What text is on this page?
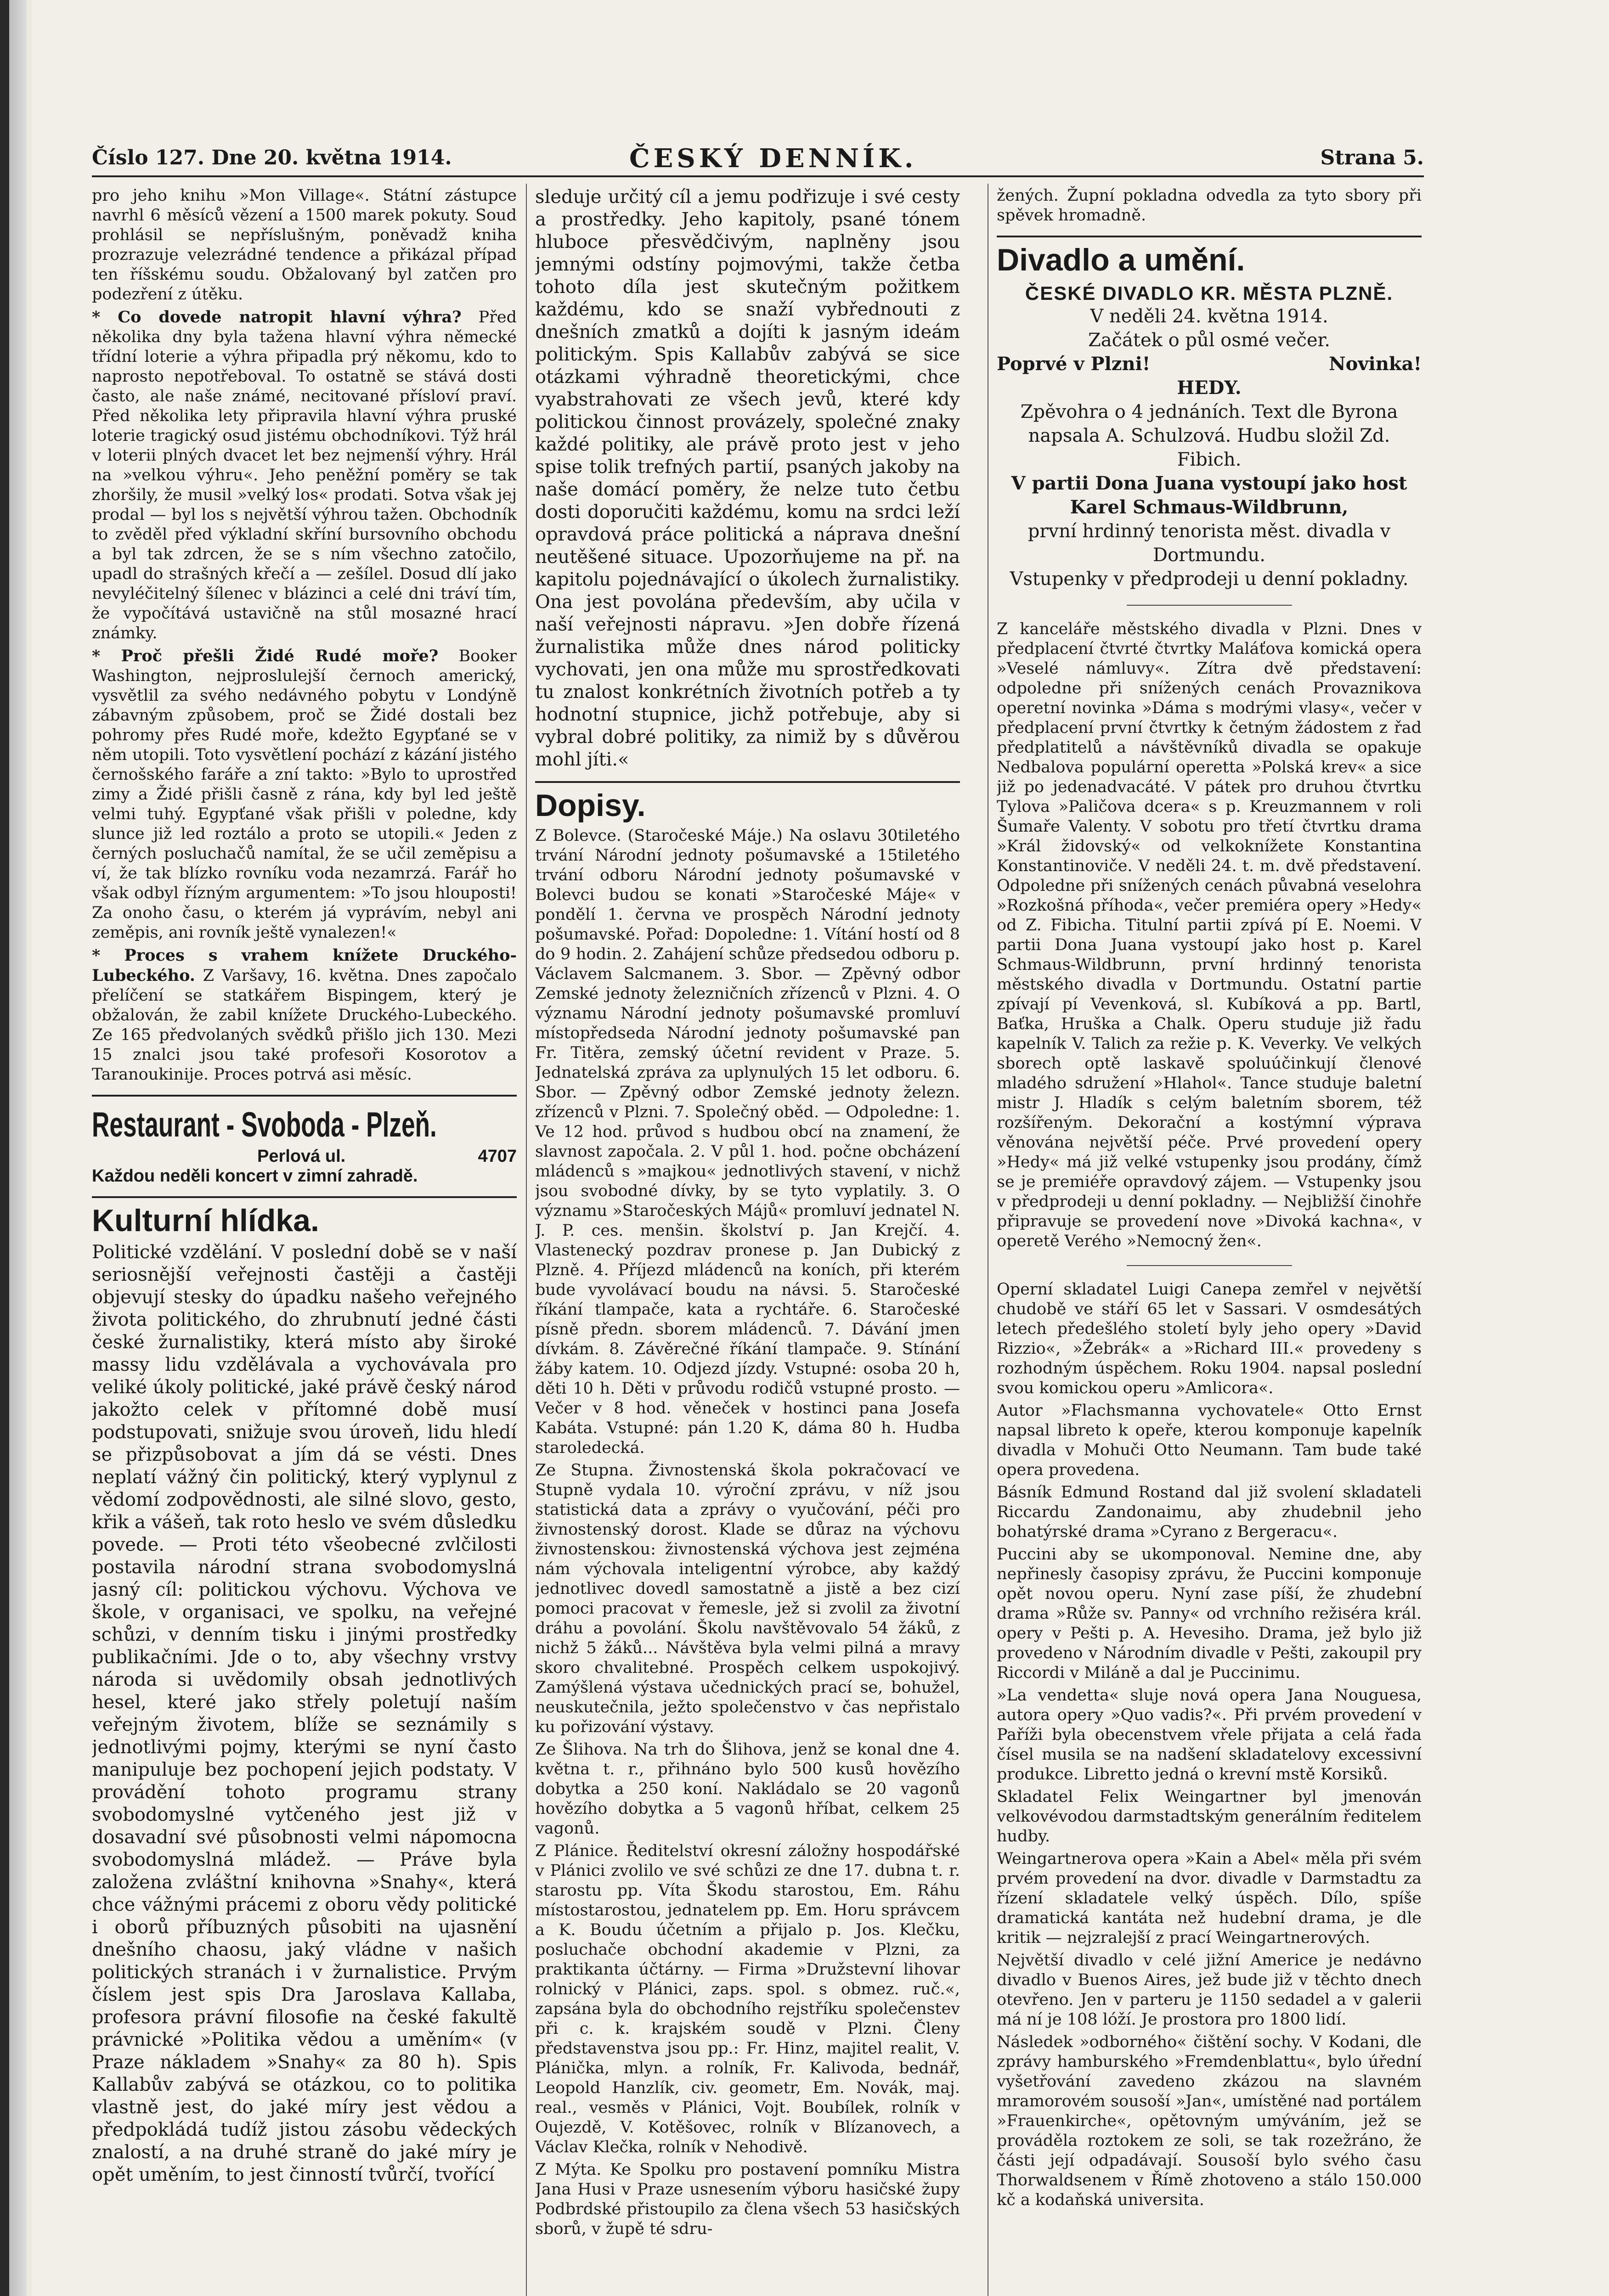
Číslo 127. Dne 20. května 1914.	ČESKÝ DENNÍK.	Strana 5.

pro jeho knihu »Mon Village«. Státní zástupce navrhl 6 měsíců vězení a 1500 marek pokuty. Soud prohlásil se nepříslušným, poněvadž kniha prozrazuje velezrádné tendence a přikázal případ ten říšskému soudu. Obžalovaný byl zatčen pro podezření z útěku.

* Co dovede natropit hlavní výhra? Před několika dny byla tažena hlavní výhra německé třídní loterie a výhra připadla prý někomu, kdo to naprosto nepotřeboval. To ostatně se stává dosti často, ale naše známé, necitované přísloví praví. Před několika lety připravila hlavní výhra pruské loterie tragický osud jistému obchodníkovi. Týž hrál v loterii plných dvacet let bez nejmenší výhry. Hrál na »velkou výhru«. Jeho peněžní poměry se tak zhoršily, že musil »velký los« prodati. Sotva však jej prodal — byl los s největší výhrou tažen. Obchodník to zvěděl před výkladní skříní bursovního obchodu a byl tak zdrcen, že se s ním všechno zatočilo, upadl do strašných křečí a — zešílel. Dosud dlí jako nevyléčitelný šílenec v blázinci a celé dni tráví tím, že vypočítává ustavičně na stůl mosazné hrací známky.

* Proč přešli Židé Rudé moře? Booker Washington, nejproslulejší černoch americký, vysvětlil za svého nedávného pobytu v Londýně zábavným způsobem, proč se Židé dostali bez pohromy přes Rudé moře, kdežto Egypťané se v něm utopili. Toto vysvětlení pochází z kázání jistého černošského faráře a zní takto: »Bylo to uprostřed zimy a Židé přišli časně z rána, kdy byl led ještě velmi tuhý. Egypťané však přišli v poledne, kdy slunce již led roztálo a proto se utopili.« Jeden z černých posluchačů namítal, že se učil zeměpisu a ví, že tak blízko rovníku voda nezamrzá. Farář ho však odbyl řízným argumentem: »To jsou hlouposti! Za onoho času, o kterém já vyprávím, nebyl ani zeměpis, ani rovník ještě vynalezen!«

* Proces s vrahem knížete Druckého-Lubeckého. Z Varšavy, 16. května. Dnes započalo přelíčení se statkářem Bispingem, který je obžalován, že zabil knížete Druckého-Lubeckého. Ze 165 předvolaných svědků přišlo jich 130. Mezi 15 znalci jsou také profesoři Kosorotov a Taranoukinije. Proces potrvá asi měsíc.

Restaurant - Svoboda - Plzeň.
Perlová ul.	4707
Každou neděli koncert v zimní zahradě.
Kulturní hlídka.

Politické vzdělání. V poslední době se v naší seriosnější veřejnosti častěji a častěji objevují stesky do úpadku našeho veřejného života politického, do zhrubnutí jedné části české žurnalistiky, která místo aby široké massy lidu vzdělávala a vychovávala pro veliké úkoly politické, jaké právě český národ jakožto celek v přítomné době musí podstupovati, snižuje svou úroveň, lidu hledí se přizpůsobovat a jím dá se vésti. Dnes neplatí vážný čin politický, který vyplynul z vědomí zodpovědnosti, ale silné slovo, gesto, křik a vášeň, tak roto heslo ve svém důsledku povede. — Proti této všeobecné zvlčilosti postavila národní strana svobodomyslná jasný cíl: politickou výchovu. Výchova ve škole, v organisaci, ve spolku, na veřejné schůzi, v denním tisku i jinými prostředky publikačními. Jde o to, aby všechny vrstvy národa si uvědomily obsah jednotlivých hesel, které jako střely poletují naším veřejným životem, blíže se seznámily s jednotlivými pojmy, kterými se nyní často manipuluje bez pochopení jejich podstaty. V provádění tohoto programu strany svobodomyslné vytčeného jest již v dosavadní své působnosti velmi nápomocna svobodomyslná mládež. — Práve byla založena zvláštní knihovna »Snahy«, která chce vážnými prácemi z oboru vědy politické i oborů příbuzných působiti na ujasnění dnešního chaosu, jaký vládne v našich politických stranách i v žurnalistice. Prvým číslem jest spis Dra Jaroslava Kallaba, profesora právní filosofie na české fakultě právnické »Politika vědou a uměním« (v Praze nákladem »Snahy« za 80 h). Spis Kallabův zabývá se otázkou, co to politika vlastně jest, do jaké míry jest vědou a předpokládá tudíž jistou zásobu vědeckých znalostí, a na druhé straně do jaké míry je opět uměním, to jest činností tvůrčí, tvořící

sleduje určitý cíl a jemu podřizuje i své cesty a prostředky. Jeho kapitoly, psané tónem hluboce přesvědčivým, naplněny jsou jemnými odstíny pojmovými, takže četba tohoto díla jest skutečným požitkem každému, kdo se snaží vybřednouti z dnešních zmatků a dojíti k jasným ideám politickým. Spis Kallabův zabývá se sice otázkami výhradně theoretickými, chce vyabstrahovati ze všech jevů, které kdy politickou činnost provázely, společné znaky každé politiky, ale právě proto jest v jeho spise tolik trefných partií, psaných jakoby na naše domácí poměry, že nelze tuto četbu dosti doporučiti každému, komu na srdci leží opravdová práce politická a náprava dnešní neutěšené situace. Upozorňujeme na př. na kapitolu pojednávající o úkolech žurnalistiky. Ona jest povolána především, aby učila v naší veřejnosti nápravu. »Jen dobře řízená žurnalistika může dnes národ politicky vychovati, jen ona může mu sprostředkovati tu znalost konkrétních životních potřeb a ty hodnotní stupnice, jichž potřebuje, aby si vybral dobré politiky, za nimiž by s důvěrou mohl jíti.«

Dopisy.

Z Bolevce. (Staročeské Máje.) Na oslavu 30tiletého trvání Národní jednoty pošumavské a 15tiletého trvání odboru Národní jednoty pošumavské v Bolevci budou se konati »Staročeské Máje« v pondělí 1. června ve prospěch Národní jednoty pošumavské. Pořad: Dopoledne: 1. Vítání hostí od 8 do 9 hodin. 2. Zahájení schůze předsedou odboru p. Václavem Salcmanem. 3. Sbor. — Zpěvný odbor Zemské jednoty železničních zřízenců v Plzni. 4. O významu Národní jednoty pošumavské promluví místopředseda Národní jednoty pošumavské pan Fr. Titěra, zemský účetní revident v Praze. 5. Jednatelská zpráva za uplynulých 15 let odboru. 6. Sbor. — Zpěvný odbor Zemské jednoty železn. zřízenců v Plzni. 7. Společný oběd. — Odpoledne: 1. Ve 12 hod. průvod s hudbou obcí na znamení, že slavnost započala. 2. V půl 1. hod. počne obcházení mládenců s »majkou« jednotlivých stavení, v nichž jsou svobodné dívky, by se tyto vyplatily. 3. O významu »Staročeských Májů« promluví jednatel N. J. P. ces. menšin. školství p. Jan Krejčí. 4. Vlastenecký pozdrav pronese p. Jan Dubický z Plzně. 4. Příjezd mládenců na koních, při kterém bude vyvolávací boudu na návsi. 5. Staročeské říkání tlampače, kata a rychtáře. 6. Staročeské písně předn. sborem mládenců. 7. Dávání jmen dívkám. 8. Závěrečné říkání tlampače. 9. Stínání žáby katem. 10. Odjezd jízdy. Vstupné: osoba 20 h, děti 10 h. Děti v průvodu rodičů vstupné prosto. — Večer v 8 hod. věneček v hostinci pana Josefa Kabáta. Vstupné: pán 1.20 K, dáma 80 h. Hudba staroledecká.

Ze Stupna. Živnostenská škola pokračovací ve Stupně vydala 10. výroční zprávu, v níž jsou statistická data a zprávy o vyučování, péči pro živnostenský dorost. Klade se důraz na výchovu živnostenskou: živnostenská výchova jest zejména nám výchovala inteligentní výrobce, aby každý jednotlivec dovedl samostatně a jistě a bez cizí pomoci pracovat v řemesle, jež si zvolil za životní dráhu a povolání. Školu navštěvovalo 54 žáků, z nichž 5 žáků... Návštěva byla velmi pilná a mravy skoro chvalitebné. Prospěch celkem uspokojivý. Zamýšlená výstava učednických prací se, bohužel, neuskutečnila, ježto společenstvo v čas nepřistalo ku pořizování výstavy.

Ze Šlihova. Na trh do Šlihova, jenž se konal dne 4. května t. r., přihnáno bylo 500 kusů hovězího dobytka a 250 koní. Nakládalo se 20 vagonů hovězího dobytka a 5 vagonů hříbat, celkem 25 vagonů.

Z Plánice. Ředitelství okresní záložny hospodářské v Plánici zvolilo ve své schůzi ze dne 17. dubna t. r. starostu pp. Víta Škodu starostou, Em. Ráhu místostarostou, jednatelem pp. Em. Horu správcem a K. Boudu účetním a přijalo p. Jos. Klečku, posluchače obchodní akademie v Plzni, za praktikanta účtárny. — Firma »Družstevní lihovar rolnický v Plánici, zaps. spol. s obmez. ruč.«, zapsána byla do obchodního rejstříku společenstev při c. k. krajském soudě v Plzni. Členy představenstva jsou pp.: Fr. Hinz, majitel realit, V. Plánička, mlyn. a rolník, Fr. Kalivoda, bednář, Leopold Hanzlík, civ. geometr, Em. Novák, maj. real., vesměs v Plánici, Vojt. Boubílek, rolník v Oujezdě, V. Kotěšovec, rolník v Blízanovech, a Václav Klečka, rolník v Nehodivě.

Z Mýta. Ke Spolku pro postavení pomníku Mistra Jana Husi v Praze usnesením výboru hasičské župy Podbrdské přistoupilo za člena všech 53 hasičských sborů, v župě té sdru-

žených. Župní pokladna odvedla za tyto sbory při spěvek hromadně.

Divadlo a umění.
ČESKÉ DIVADLO KR. MĚSTA PLZNĚ.

V neděli 24. května 1914.

Začátek o půl osmé večer.

Poprvé v Plzni!	Novinka!

HEDY.

Zpěvohra o 4 jednáních. Text dle Byrona napsala A. Schulzová. Hudbu složil Zd. Fibich.

V partii Dona Juana vystoupí jako host

Karel Schmaus-Wildbrunn,

první hrdinný tenorista měst. divadla v Dortmundu.

Vstupenky v předprodeji u denní pokladny.

Z kanceláře městského divadla v Plzni. Dnes v předplacení čtvrté čtvrtky Maláťova komická opera »Veselé námluvy«. Zítra dvě představení: odpoledne při snížených cenách Provaznikova operetní novinka »Dáma s modrými vlasy«, večer v předplacení první čtvrtky k četným žádostem z řad předplatitelů a návštěvníků divadla se opakuje Nedbalova populární operetta »Polská krev« a sice již po jedenadvacáté. V pátek pro druhou čtvrtku Tylova »Paličova dcera« s p. Kreuzmannem v roli Šumaře Valenty. V sobotu pro třetí čtvrtku drama »Král židovský« od velkoknížete Konstantina Konstantinoviče. V neděli 24. t. m. dvě představení. Odpoledne při snížených cenách půvabná veselohra »Rozkošná příhoda«, večer premiéra opery »Hedy« od Z. Fibicha. Titulní partii zpívá pí E. Noemi. V partii Dona Juana vystoupí jako host p. Karel Schmaus-Wildbrunn, první hrdinný tenorista městského divadla v Dortmundu. Ostatní partie zpívají pí Vevenková, sl. Kubíková a pp. Bartl, Baťka, Hruška a Chalk. Operu studuje již řadu kapelník V. Talich za režie p. K. Veverky. Ve velkých sborech optě laskavě spoluúčinkují členové mladého sdružení »Hlahol«. Tance studuje baletní mistr J. Hladík s celým baletním sborem, též rozšířeným. Dekorační a kostýmní výprava věnována největší péče. Prvé provedení opery »Hedy« má již velké vstupenky jsou prodány, čímž se je premiéře opravdový zájem. — Vstupenky jsou v předprodeji u denní pokladny. — Nejbližší činohře připravuje se provedení nove »Divoká kachna«, v operetě Verého »Nemocný žen«.

Operní skladatel Luigi Canepa zemřel v největší chudobě ve stáří 65 let v Sassari. V osmdesátých letech předešlého století byly jeho opery »David Rizzio«, »Žebrák« a »Richard III.« provedeny s rozhodným úspěchem. Roku 1904. napsal poslední svou komickou operu »Amlicora«.

Autor »Flachsmanna vychovatele« Otto Ernst napsal libreto k opeře, kterou komponuje kapelník divadla v Mohuči Otto Neumann. Tam bude také opera provedena.

Básník Edmund Rostand dal již svolení skladateli Riccardu Zandonaimu, aby zhudebnil jeho bohatýrské drama »Cyrano z Bergeracu«.

Puccini aby se ukomponoval. Nemine dne, aby nepřinesly časopisy zprávu, že Puccini komponuje opět novou operu. Nyní zase píší, že zhudební drama »Růže sv. Panny« od vrchního režiséra král. opery v Pešti p. A. Hevesiho. Drama, jež bylo již provedeno v Národním divadle v Pešti, zakoupil pry Riccordi v Miláně a dal je Puccinimu.

»La vendetta« sluje nová opera Jana Nouguesa, autora opery »Quo vadis?«. Při prvém provedení v Paříži byla obecenstvem vřele přijata a celá řada čísel musila se na nadšení skladatelovy excessivní produkce. Libretto jedná o krevní mstě Korsiků.

Skladatel Felix Weingartner byl jmenován velkovévodou darmstadtským generálním ředitelem hudby.

Weingartnerova opera »Kain a Abel« měla při svém prvém provedení na dvor. divadle v Darmstadtu za řízení skladatele velký úspěch. Dílo, spíše dramatická kantáta než hudební drama, je dle kritik — nejzralejší z prací Weingartnerových.

Největší divadlo v celé jižní Americe je nedávno divadlo v Buenos Aires, jež bude již v těchto dnech otevřeno. Jen v parteru je 1150 sedadel a v galerii má ní je 108 lóží. Je prostora pro 1800 lidí.

Následek »odborného« čištění sochy. V Kodani, dle zprávy hamburského »Fremdenblattu«, bylo úřední vyšetřování zavedeno zkázou na slavném mramorovém sousoší »Jan«, umístěné nad portálem »Frauenkirche«, opětovným umýváním, jež se prováděla roztokem ze soli, se tak rozežráno, že části její odpadávají. Sousoší bylo svého času Thorwaldsenem v Římě zhotoveno a stálo 150.000 kč a kodaňská universita.
